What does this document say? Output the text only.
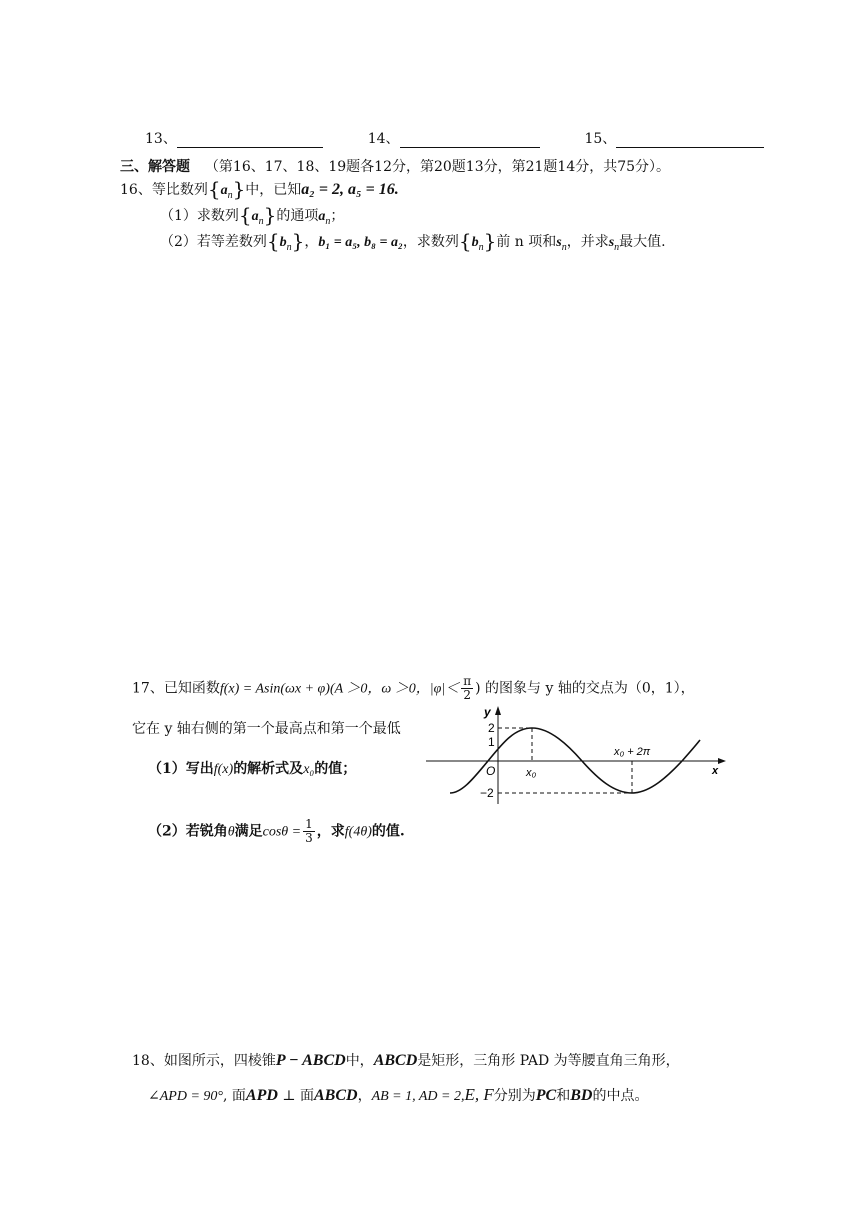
13、	14、	15、
三、解答题 （第16、17、18、19题各12分，第20题13分，第21题14分，共75分）。
16、等比数列$\{a_n\}$中，已知a₂ = 2, a₅ = 16.
（1）求数列$\{a_n\}$的通项$a_n$；
（2）若等差数列$\{b_n\}$，b₁ = a₅, b₈ = a₂，求数列$\{b_n\}$前 n 项和$s_n$，并求$s_n$最大值.
17、已知函数f(x) = Asin(ωx + φ)(A ＞0，ω ＞0，$|\varphi|< \frac{\pi}{2}$ ) 的图象与 y 轴的交点为（0，1），
它在 y 轴右侧的第一个最高点和第一个最低
（1）写出f(x)的解析式及x₀的值；
（2）若锐角θ满足$\cos\theta = \frac{1}{3}$ ，求f(4θ)的值.
y
x
O
2
1
−2
x₀
x₀ + 2π
18、如图所示，四棱锥P − ABCD中，ABCD是矩形，三角形 PAD 为等腰直角三角形，
∠APD = 90°, 面APD ⊥ 面ABCD，AB = 1, AD = 2,E, F分别为PC和BD的中点。
